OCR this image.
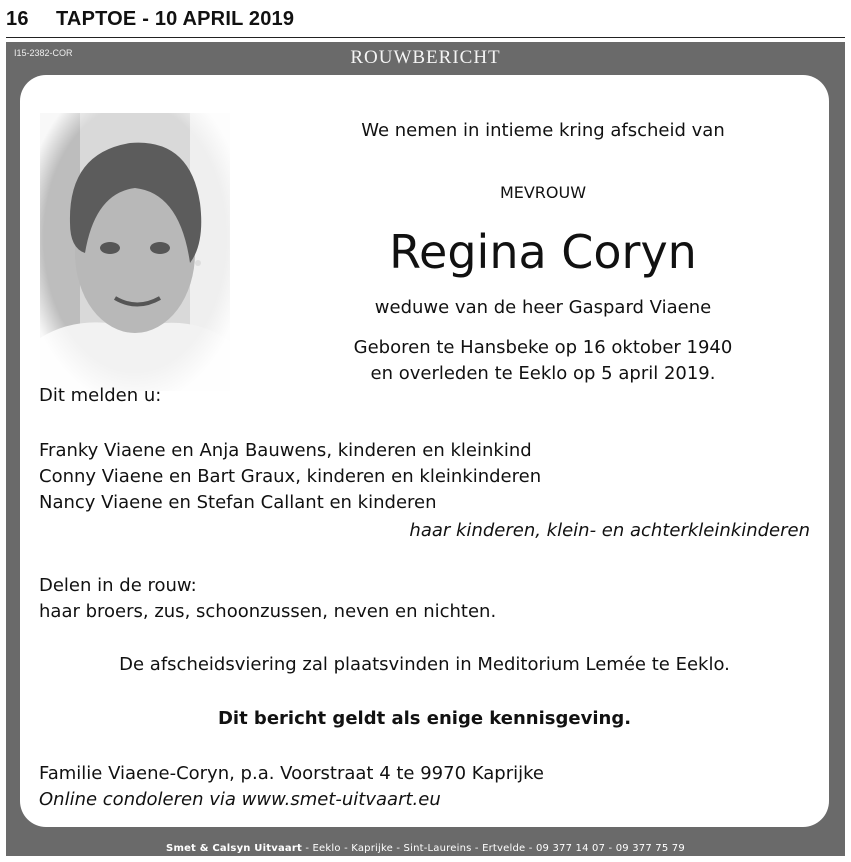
16 TAPTOE - 10 APRIL 2019
I15-2382-COR	ROUWBERICHT
We nemen in intieme kring afscheid van
MEVROUW
Regina Coryn
weduwe van de heer Gaspard Viaene
Geboren te Hansbeke op 16 oktober 1940
en overleden te Eeklo op 5 april 2019.
Dit melden u:
Franky Viaene en Anja Bauwens, kinderen en kleinkind
Conny Viaene en Bart Graux, kinderen en kleinkinderen
Nancy Viaene en Stefan Callant en kinderen
haar kinderen, klein- en achterkleinkinderen
Delen in de rouw:
haar broers, zus, schoonzussen, neven en nichten.
De afscheidsviering zal plaatsvinden in Meditorium Lemée te Eeklo.
Dit bericht geldt als enige kennisgeving.
Familie Viaene-Coryn, p.a. Voorstraat 4 te 9970 Kaprijke
Online condoleren via www.smet-uitvaart.eu
Smet & Calsyn Uitvaart - Eeklo - Kaprijke - Sint-Laureins - Ertvelde - 09 377 14 07 - 09 377 75 79
